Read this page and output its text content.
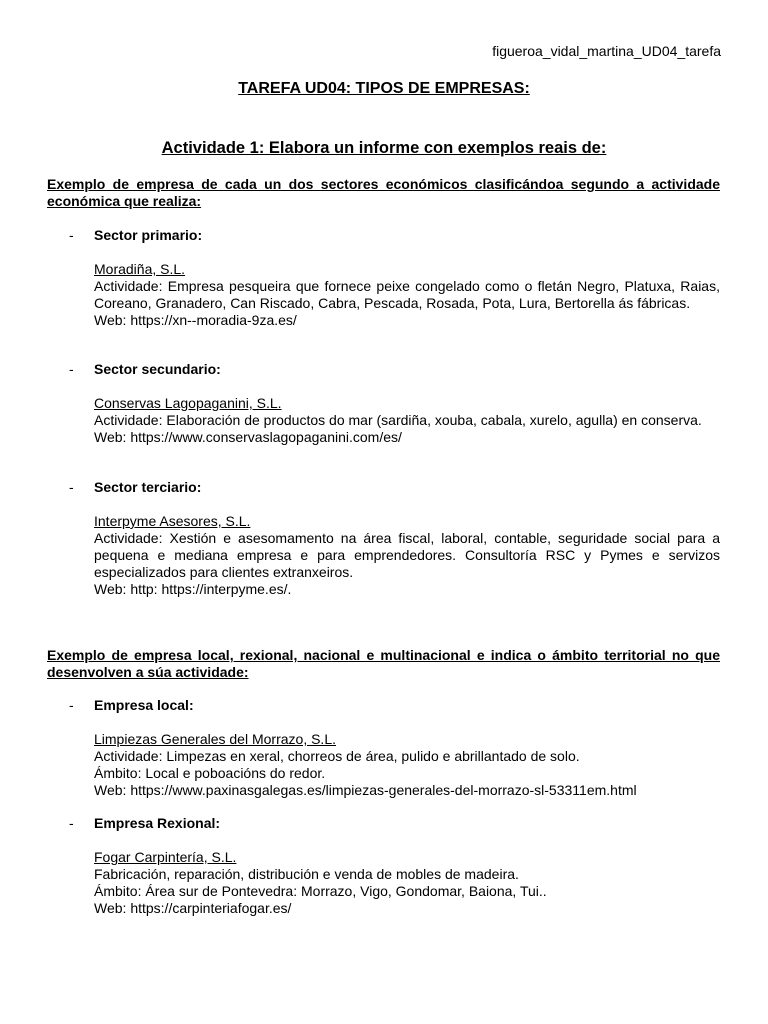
figueroa_vidal_martina_UD04_tarefa
TAREFA UD04: TIPOS DE EMPRESAS:
Actividade 1: Elabora un informe con exemplos reais de:
Exemplo de empresa de cada un dos sectores económicos clasificándoa segundo a actividade económica que realiza:
-	Sector primario:

Moradiña, S.L.

Actividade: Empresa pesqueira que fornece peixe congelado como o fletán Negro, Platuxa, Raias, Coreano, Granadero, Can Riscado, Cabra, Pescada, Rosada, Pota, Lura, Bertorella ás fábricas.

Web: https://xn--moradia-9za.es/

-	Sector secundario:

Conservas Lagopaganini, S.L.

Actividade: Elaboración de productos do mar (sardiña, xouba, cabala, xurelo, agulla) en conserva.

Web: https://www.conservaslagopaganini.com/es/

-	Sector terciario:

Interpyme Asesores, S.L.

Actividade: Xestión e asesomamento na área fiscal, laboral, contable, seguridade social para a pequena e mediana empresa e para emprendedores. Consultoría RSC y Pymes e servizos especializados para clientes extranxeiros.

Web: http: https://interpyme.es/.

Exemplo de empresa local, rexional, nacional e multinacional e indica o ámbito territorial no que desenvolven a súa actividade:
-	Empresa local:

Limpiezas Generales del Morrazo, S.L.

Actividade: Limpezas en xeral, chorreos de área, pulido e abrillantado de solo.

Ámbito: Local e poboacións do redor.

Web: https://www.paxinasgalegas.es/limpiezas-generales-del-morrazo-sl-53311em.html

-	Empresa Rexional:

Fogar Carpintería, S.L.

Fabricación, reparación, distribución e venda de mobles de madeira.

Ámbito: Área sur de Pontevedra: Morrazo, Vigo, Gondomar, Baiona, Tui..

Web: https://carpinteriafogar.es/
